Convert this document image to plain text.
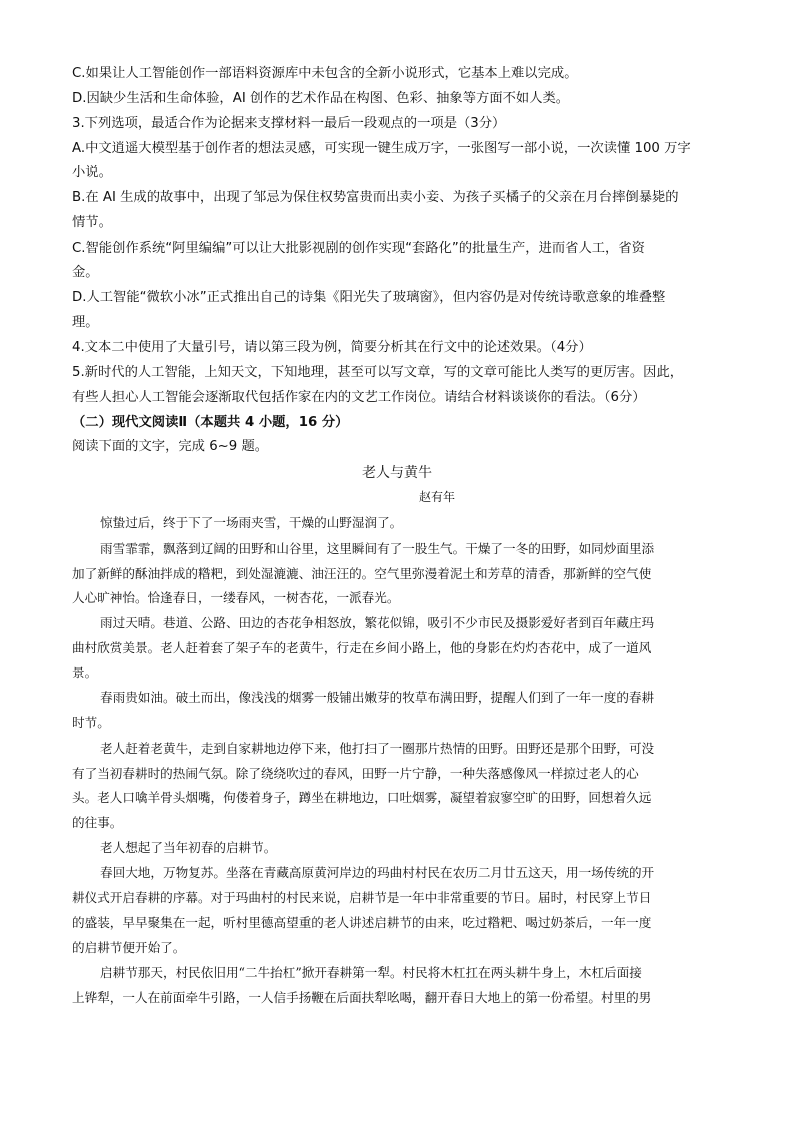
C.如果让人工智能创作一部语料资源库中未包含的全新小说形式，它基本上难以完成。
D.因缺少生活和生命体验，AI 创作的艺术作品在构图、色彩、抽象等方面不如人类。
3.下列选项，最适合作为论据来支撑材料一最后一段观点的一项是（3分）
A.中文逍遥大模型基于创作者的想法灵感，可实现一键生成万字，一张图写一部小说，一次读懂 100 万字
小说。
B.在 AI 生成的故事中，出现了邹忌为保住权势富贵而出卖小妾、为孩子买橘子的父亲在月台摔倒暴毙的
情节。
C.智能创作系统“阿里编编”可以让大批影视剧的创作实现“套路化”的批量生产，进而省人工，省资
金。
D.人工智能“微软小冰”正式推出自己的诗集《阳光失了玻璃窗》，但内容仍是对传统诗歌意象的堆叠整
理。
4.文本二中使用了大量引号，请以第三段为例，简要分析其在行文中的论述效果。（4分）
5.新时代的人工智能，上知天文，下知地理，甚至可以写文章，写的文章可能比人类写的更厉害。因此，
有些人担心人工智能会逐渐取代包括作家在内的文艺工作岗位。请结合材料谈谈你的看法。（6分）
（二）现代文阅读Ⅱ（本题共 4 小题，16 分）
阅读下面的文字，完成 6~9 题。
老人与黄牛
赵有年
惊蛰过后，终于下了一场雨夹雪，干燥的山野湿润了。
雨雪霏霏，飘落到辽阔的田野和山谷里，这里瞬间有了一股生气。干燥了一冬的田野，如同炒面里添
加了新鲜的酥油拌成的糌粑，到处湿漉漉、油汪汪的。空气里弥漫着泥土和芳草的清香，那新鲜的空气使
人心旷神怡。恰逢春日，一缕春风，一树杏花，一派春光。
雨过天晴。巷道、公路、田边的杏花争相怒放，繁花似锦，吸引不少市民及摄影爱好者到百年藏庄玛
曲村欣赏美景。老人赶着套了架子车的老黄牛，行走在乡间小路上，他的身影在灼灼杏花中，成了一道风
景。
春雨贵如油。破土而出，像浅浅的烟雾一般铺出嫩芽的牧草布满田野，提醒人们到了一年一度的春耕
时节。
老人赶着老黄牛，走到自家耕地边停下来，他打扫了一圈那片热情的田野。田野还是那个田野，可没
有了当初春耕时的热闹气氛。除了绕绕吹过的春风，田野一片宁静，一种失落感像风一样掠过老人的心
头。老人口噙羊骨头烟嘴，佝偻着身子，蹲坐在耕地边，口吐烟雾，凝望着寂寥空旷的田野，回想着久远
的往事。
老人想起了当年初春的启耕节。
春回大地，万物复苏。坐落在青藏高原黄河岸边的玛曲村村民在农历二月廿五这天，用一场传统的开
耕仪式开启春耕的序幕。对于玛曲村的村民来说，启耕节是一年中非常重要的节日。届时，村民穿上节日
的盛装，早早聚集在一起，听村里德高望重的老人讲述启耕节的由来，吃过糌粑、喝过奶茶后，一年一度
的启耕节便开始了。
启耕节那天，村民依旧用“二牛抬杠”掀开春耕第一犁。村民将木杠扛在两头耕牛身上，木杠后面接
上铧犁，一人在前面牵牛引路，一人信手扬鞭在后面扶犁吆喝，翻开春日大地上的第一份希望。村里的男
